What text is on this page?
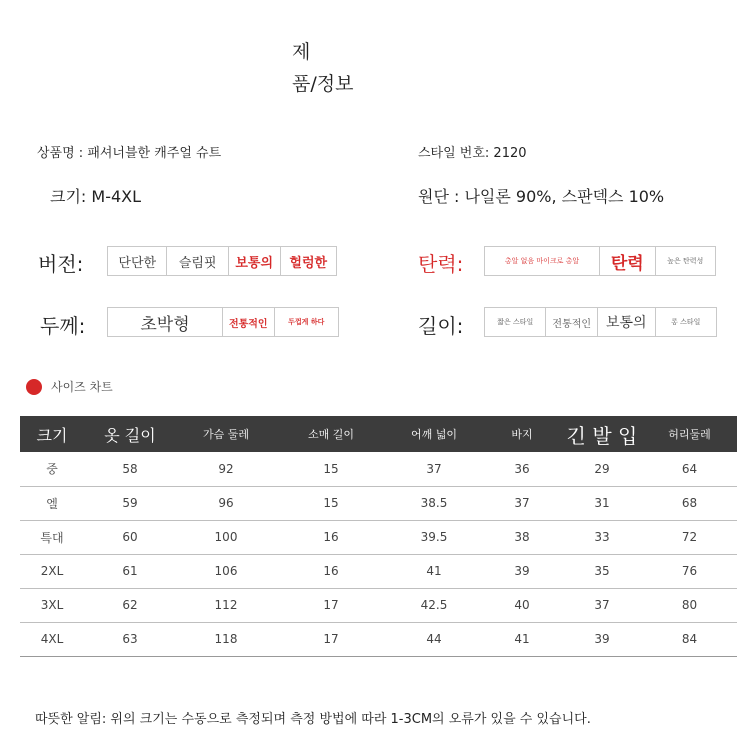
제
품/정보
상품명 : 패셔너블한 캐주얼 슈트	스타일 번호: 2120
크기: M-4XL	원단 : 나일론 90%, 스판덱스 10%
버전:	단단한	슬림핏	보통의	헐렁한	탄력:	총알 없음 마이크로 총알	탄력	높은 탄력성
두께:	초박형	전통적인	두껍게 하다	길이:	짧은 스타일	전통적인	보통의	롱 스타일
사이즈 차트
크기	옷 길이	가슴 둘레	소매 길이	어깨 넓이	바지	긴 발 입	허리둘레
중	58	92	15	37	36	29	64
엘	59	96	15	38.5	37	31	68
특대	60	100	16	39.5	38	33	72
2XL	61	106	16	41	39	35	76
3XL	62	112	17	42.5	40	37	80
4XL	63	118	17	44	41	39	84
따뜻한 알림: 위의 크기는 수동으로 측정되며 측정 방법에 따라 1-3CM의 오류가 있을 수 있습니다.
